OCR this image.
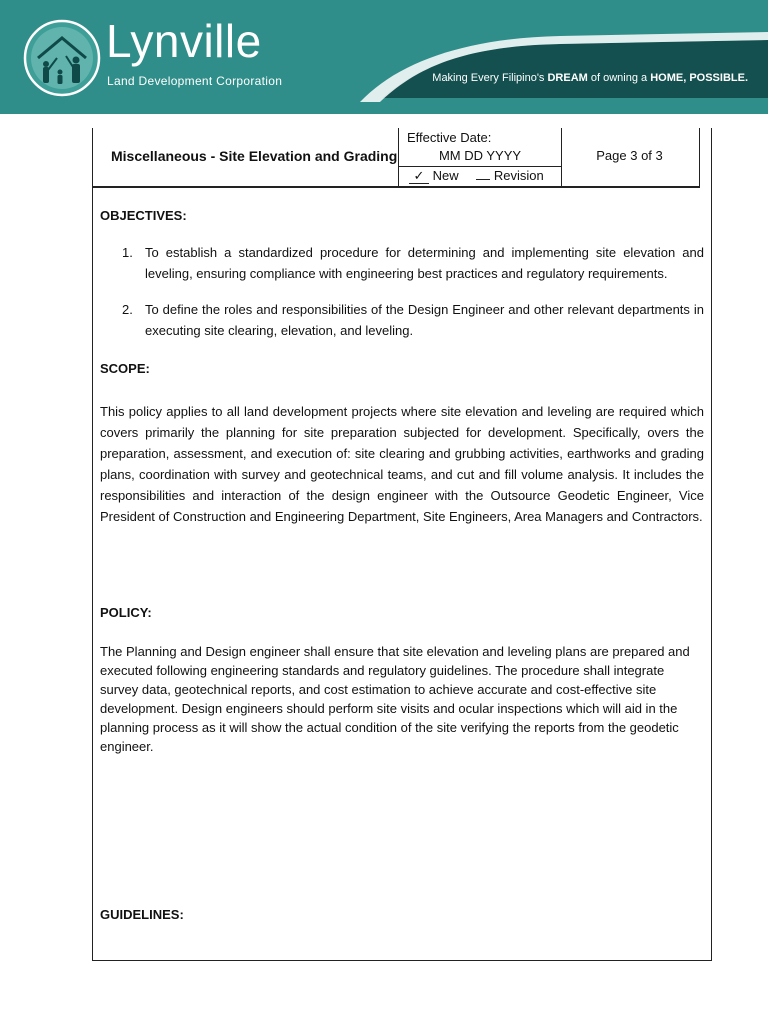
Lynville
Land Development Corporation	Making Every Filipino's DREAM of owning a HOME, POSSIBLE.
Miscellaneous - Site Elevation and Grading
Effective Date:
MM DD YYYY
✓ New	Revision
Page 3 of 3
OBJECTIVES:
1. To establish a standardized procedure for determining and implementing site elevation and leveling, ensuring compliance with engineering best practices and regulatory requirements.
2. To define the roles and responsibilities of the Design Engineer and other relevant departments in executing site clearing, elevation, and leveling.
SCOPE:
This policy applies to all land development projects where site elevation and leveling are required which covers primarily the planning for site preparation subjected for development. Specifically, overs the preparation, assessment, and execution of: site clearing and grubbing activities, earthworks and grading plans, coordination with survey and geotechnical teams, and cut and fill volume analysis. It includes the responsibilities and interaction of the design engineer with the Outsource Geodetic Engineer, Vice President of Construction and Engineering Department, Site Engineers, Area Managers and Contractors.
POLICY:
The Planning and Design engineer shall ensure that site elevation and leveling plans are prepared and executed following engineering standards and regulatory guidelines. The procedure shall integrate survey data, geotechnical reports, and cost estimation to achieve accurate and cost-effective site development. Design engineers should perform site visits and ocular inspections which will aid in the planning process as it will show the actual condition of the site verifying the reports from the geodetic engineer.
GUIDELINES:
